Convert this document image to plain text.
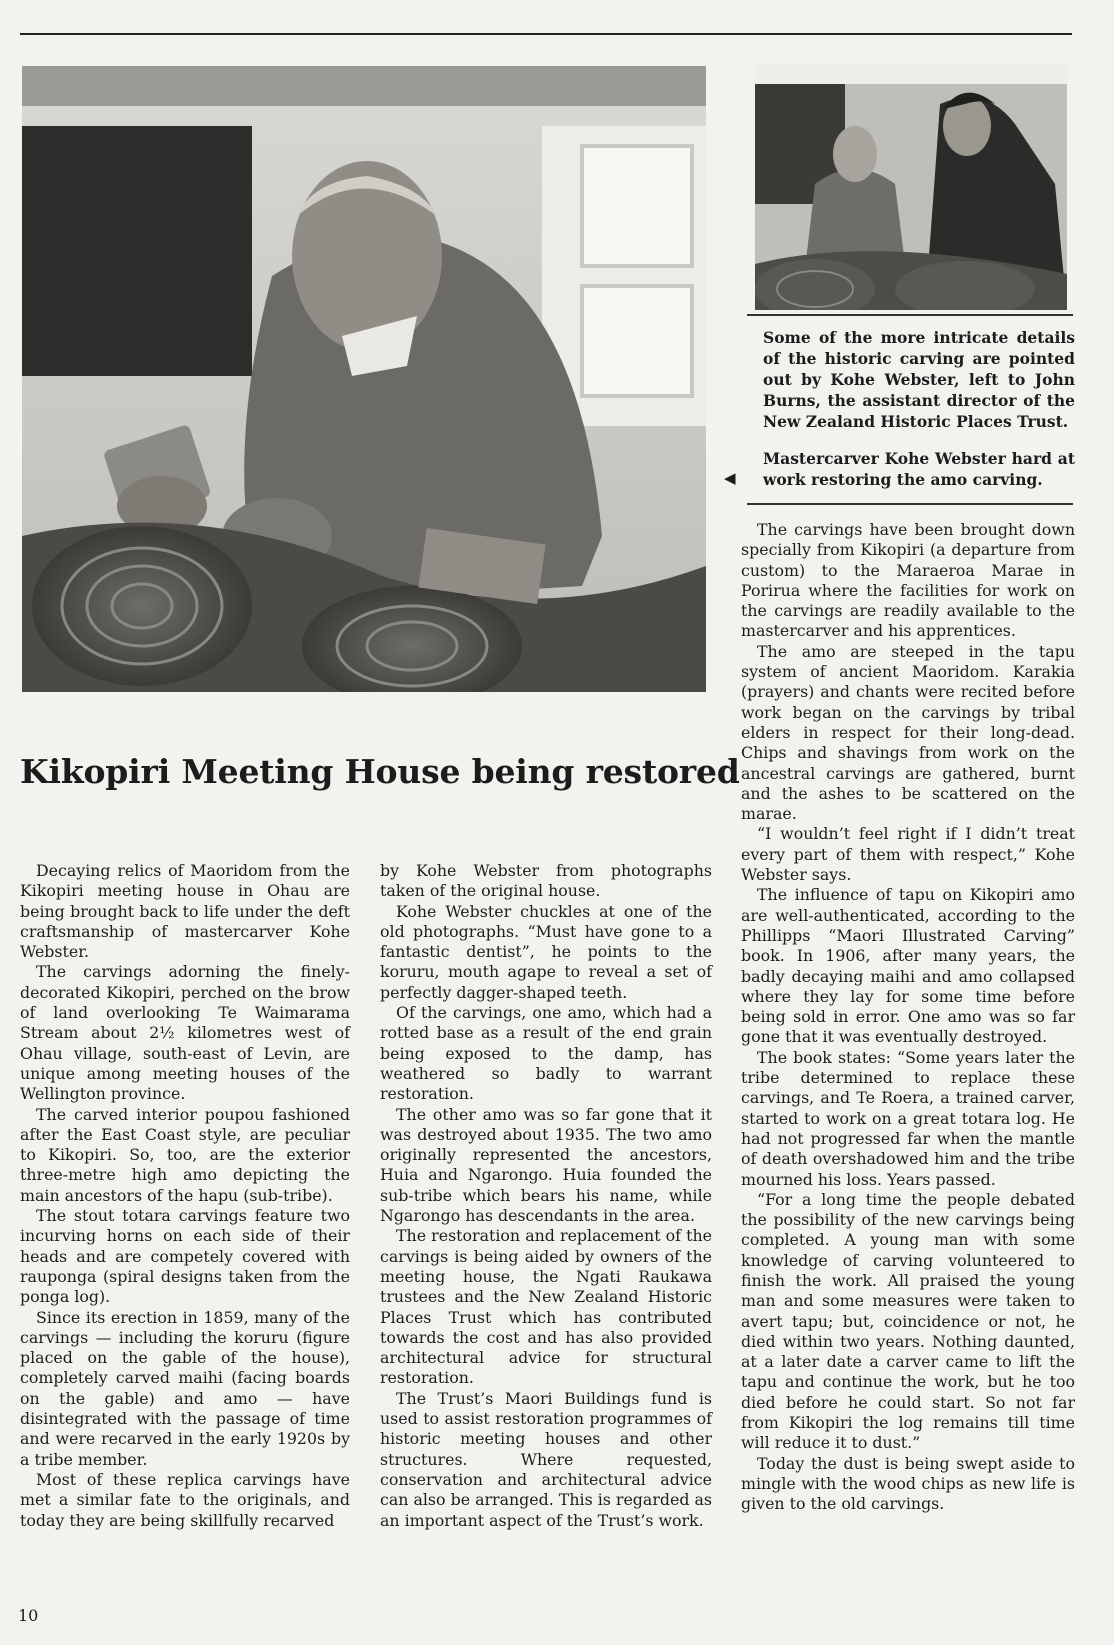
Some of the more intricate details of the historic carving are pointed out by Kohe Webster, left to John Burns, the assistant director of the New Zealand Historic Places Trust.

◀

Mastercarver Kohe Webster hard at work restoring the amo carving.

Kikopiri Meeting House being restored

Decaying relics of Maoridom from the Kikopiri meeting house in Ohau are being brought back to life under the deft craftsmanship of mastercarver Kohe Webster.

The carvings adorning the finely-decorated Kikopiri, perched on the brow of land overlooking Te Waimarama Stream about 2½ kilometres west of Ohau village, south-east of Levin, are unique among meeting houses of the Wellington province.

The carved interior poupou fashioned after the East Coast style, are peculiar to Kikopiri. So, too, are the exterior three-metre high amo depicting the main ancestors of the hapu (sub-tribe).

The stout totara carvings feature two incurving horns on each side of their heads and are competely covered with rauponga (spiral designs taken from the ponga log).

Since its erection in 1859, many of the carvings — including the koruru (figure placed on the gable of the house), completely carved maihi (facing boards on the gable) and amo — have disintegrated with the passage of time and were recarved in the early 1920s by a tribe member.

Most of these replica carvings have met a similar fate to the originals, and today they are being skillfully recarved

by Kohe Webster from photographs taken of the original house.

Kohe Webster chuckles at one of the old photographs. “Must have gone to a fantastic dentist”, he points to the koruru, mouth agape to reveal a set of perfectly dagger-shaped teeth.

Of the carvings, one amo, which had a rotted base as a result of the end grain being exposed to the damp, has weathered so badly to warrant restoration.

The other amo was so far gone that it was destroyed about 1935. The two amo originally represented the ancestors, Huia and Ngarongo. Huia founded the sub-tribe which bears his name, while Ngarongo has descendants in the area.

The restoration and replacement of the carvings is being aided by owners of the meeting house, the Ngati Raukawa trustees and the New Zealand Historic Places Trust which has contributed towards the cost and has also provided architectural advice for structural restoration.

The Trust’s Maori Buildings fund is used to assist restoration programmes of historic meeting houses and other structures. Where requested, conservation and architectural advice can also be arranged. This is regarded as an important aspect of the Trust’s work.

The carvings have been brought down specially from Kikopiri (a departure from custom) to the Maraeroa Marae in Porirua where the facilities for work on the carvings are readily available to the mastercarver and his apprentices.

The amo are steeped in the tapu system of ancient Maoridom. Karakia (prayers) and chants were recited before work began on the carvings by tribal elders in respect for their long-dead. Chips and shavings from work on the ancestral carvings are gathered, burnt and the ashes to be scattered on the marae.

“I wouldn’t feel right if I didn’t treat every part of them with respect,” Kohe Webster says.

The influence of tapu on Kikopiri amo are well-authenticated, according to the Phillipps “Maori Illustrated Carving” book. In 1906, after many years, the badly decaying maihi and amo collapsed where they lay for some time before being sold in error. One amo was so far gone that it was eventually destroyed.

The book states: “Some years later the tribe determined to replace these carvings, and Te Roera, a trained carver, started to work on a great totara log. He had not progressed far when the mantle of death overshadowed him and the tribe mourned his loss. Years passed.

“For a long time the people debated the possibility of the new carvings being completed. A young man with some knowledge of carving volunteered to finish the work. All praised the young man and some measures were taken to avert tapu; but, coincidence or not, he died within two years. Nothing daunted, at a later date a carver came to lift the tapu and continue the work, but he too died before he could start. So not far from Kikopiri the log remains till time will reduce it to dust.”

Today the dust is being swept aside to mingle with the wood chips as new life is given to the old carvings.

10
